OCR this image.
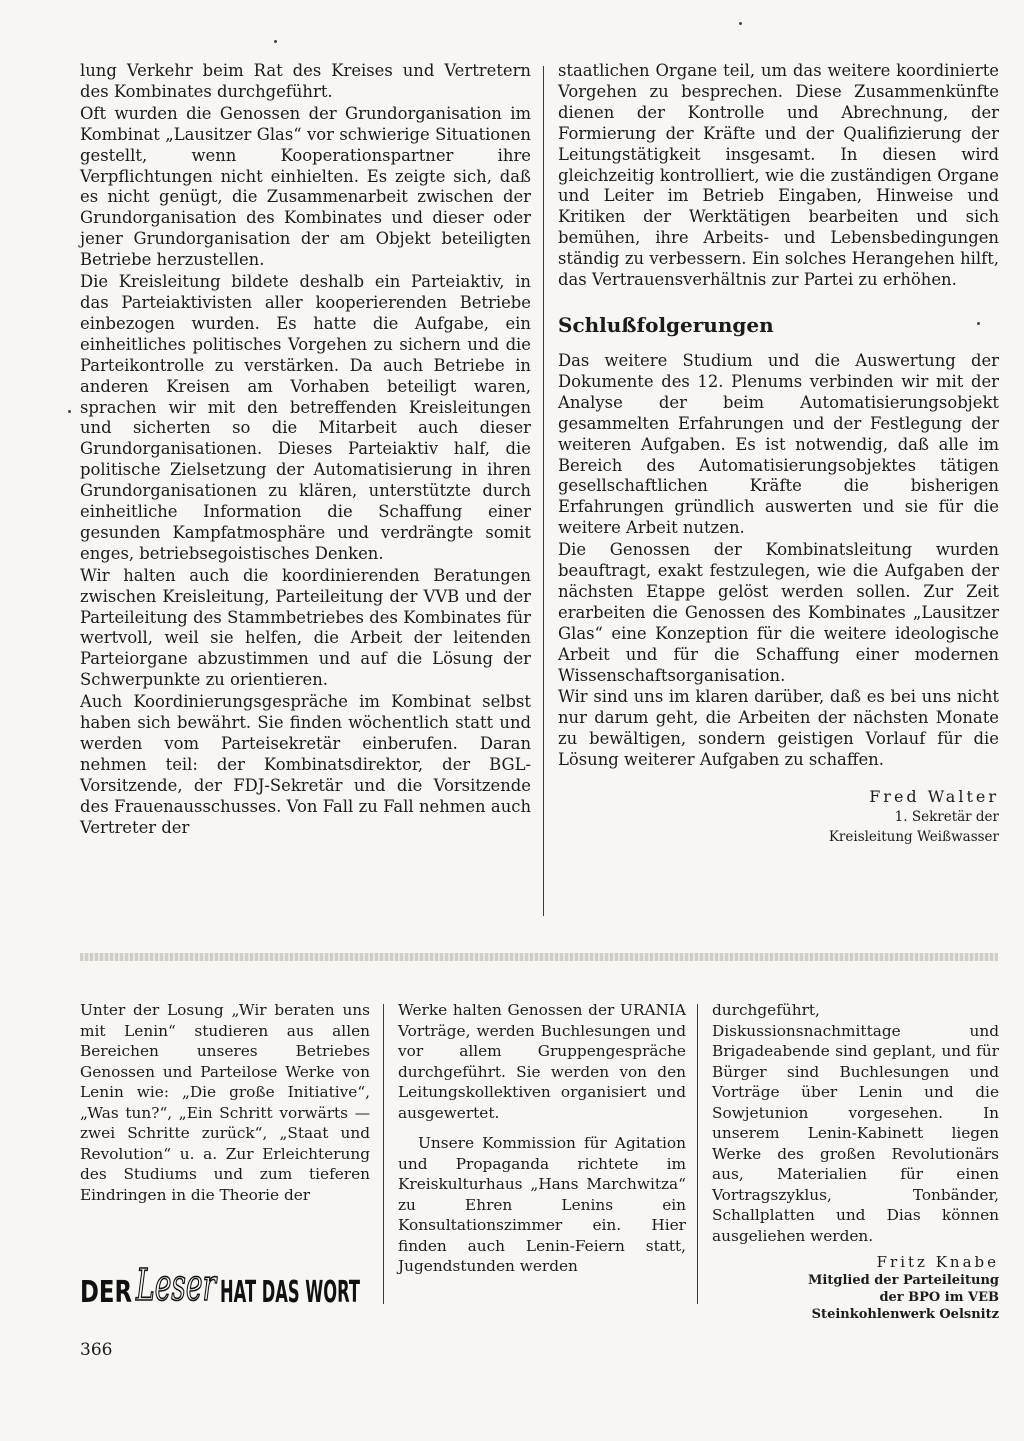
lung Verkehr beim Rat des Kreises und Vertretern des Kombinates durchgeführt.

Oft wurden die Genossen der Grundorganisation im Kombinat „Lausitzer Glas“ vor schwierige Situationen gestellt, wenn Kooperationspartner ihre Verpflichtungen nicht einhielten. Es zeigte sich, daß es nicht genügt, die Zusammenarbeit zwischen der Grundorganisation des Kombinates und dieser oder jener Grundorganisation der am Objekt beteiligten Betriebe herzustellen.

Die Kreisleitung bildete deshalb ein Parteiaktiv, in das Parteiaktivisten aller kooperierenden Betriebe einbezogen wurden. Es hatte die Aufgabe, ein einheitliches politisches Vorgehen zu sichern und die Parteikontrolle zu verstärken. Da auch Betriebe in anderen Kreisen am Vorhaben beteiligt waren, sprachen wir mit den betreffenden Kreisleitungen und sicherten so die Mitarbeit auch dieser Grundorganisationen. Dieses Parteiaktiv half, die politische Zielsetzung der Automatisierung in ihren Grundorganisationen zu klären, unterstützte durch einheitliche Information die Schaffung einer gesunden Kampfatmosphäre und verdrängte somit enges, betriebsegoistisches Denken.

Wir halten auch die koordinierenden Beratungen zwischen Kreisleitung, Parteileitung der VVB und der Parteileitung des Stammbetriebes des Kombinates für wertvoll, weil sie helfen, die Arbeit der leitenden Parteiorgane abzustimmen und auf die Lösung der Schwerpunkte zu orientieren.

Auch Koordinierungsgespräche im Kombinat selbst haben sich bewährt. Sie finden wöchentlich statt und werden vom Parteisekretär einberufen. Daran nehmen teil: der Kombinatsdirektor, der BGL-Vorsitzende, der FDJ-Sekretär und die Vorsitzende des Frauenausschusses. Von Fall zu Fall nehmen auch Vertreter der

staatlichen Organe teil, um das weitere koordinierte Vorgehen zu besprechen. Diese Zusammenkünfte dienen der Kontrolle und Abrechnung, der Formierung der Kräfte und der Qualifizierung der Leitungstätigkeit insgesamt. In diesen wird gleichzeitig kontrolliert, wie die zuständigen Organe und Leiter im Betrieb Eingaben, Hinweise und Kritiken der Werktätigen bearbeiten und sich bemühen, ihre Arbeits- und Lebensbedingungen ständig zu verbessern. Ein solches Herangehen hilft, das Vertrauensverhältnis zur Partei zu erhöhen.

Schlußfolgerungen

Das weitere Studium und die Auswertung der Dokumente des 12. Plenums verbinden wir mit der Analyse der beim Automatisierungsobjekt gesammelten Erfahrungen und der Festlegung der weiteren Aufgaben. Es ist notwendig, daß alle im Bereich des Automatisierungsobjektes tätigen gesellschaftlichen Kräfte die bisherigen Erfahrungen gründlich auswerten und sie für die weitere Arbeit nutzen.

Die Genossen der Kombinatsleitung wurden beauftragt, exakt festzulegen, wie die Aufgaben der nächsten Etappe gelöst werden sollen. Zur Zeit erarbeiten die Genossen des Kombinates „Lausitzer Glas“ eine Konzeption für die weitere ideologische Arbeit und für die Schaffung einer modernen Wissenschaftsorganisation.

Wir sind uns im klaren darüber, daß es bei uns nicht nur darum geht, die Arbeiten der nächsten Monate zu bewältigen, sondern geistigen Vorlauf für die Lösung weiterer Aufgaben zu schaffen.

Fred Walter
1. Sekretär der
Kreisleitung Weißwasser

Unter der Losung „Wir beraten uns mit Lenin“ studieren aus allen Bereichen unseres Betriebes Genossen und Parteilose Werke von Lenin wie: „Die große Initiative“, „Was tun?“, „Ein Schritt vorwärts — zwei Schritte zurück“, „Staat und Revolution“ u. a. Zur Erleichterung des Studiums und zum tieferen Eindringen in die Theorie der

Werke halten Genossen der URANIA Vorträge, werden Buchlesungen und vor allem Gruppengespräche durchgeführt. Sie werden von den Leitungskollektiven organisiert und ausgewertet.

Unsere Kommission für Agitation und Propaganda richtete im Kreiskulturhaus „Hans Marchwitza“ zu Ehren Lenins ein Konsultationszimmer ein. Hier finden auch Lenin-Feiern statt, Jugendstunden werden

durchgeführt, Diskussionsnachmittage und Brigadeabende sind geplant, und für Bürger sind Buchlesungen und Vorträge über Lenin und die Sowjetunion vorgesehen. In unserem Lenin-Kabinett liegen Werke des großen Revolutionärs aus, Materialien für einen Vortragszyklus, Tonbänder, Schallplatten und Dias können ausgeliehen werden.

Fritz Knabe
Mitglied der Parteileitung
der BPO im VEB
Steinkohlenwerk Oelsnitz
DER Leser HAT DAS WORT
366
